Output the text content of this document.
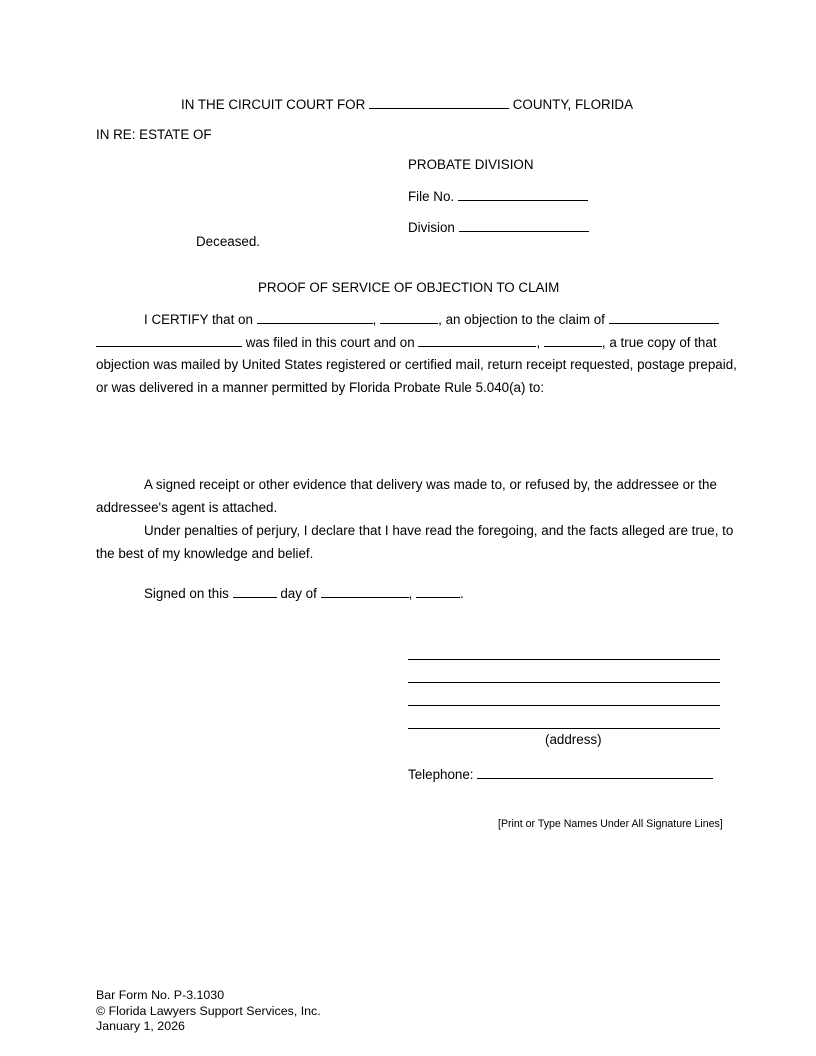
IN THE CIRCUIT COURT FOR	COUNTY, FLORIDA
IN RE: ESTATE OF
PROBATE DIVISION
File No.
Division
Deceased.
PROOF OF SERVICE OF OBJECTION TO CLAIM
I CERTIFY that on	,	, an objection to the claim of
was filed in this court and on	,	, a true copy of that
objection was mailed by United States registered or certified mail, return receipt requested, postage prepaid,
or was delivered in a manner permitted by Florida Probate Rule 5.040(a) to:
A signed receipt or other evidence that delivery was made to, or refused by, the addressee or the
addressee's agent is attached.
Under penalties of perjury, I declare that I have read the foregoing, and the facts alleged are true, to
the best of my knowledge and belief.
Signed on this	day of	,	.
(address)
Telephone:
[Print or Type Names Under All Signature Lines]
Bar Form No. P-3.1030
© Florida Lawyers Support Services, Inc.
January 1, 2026
